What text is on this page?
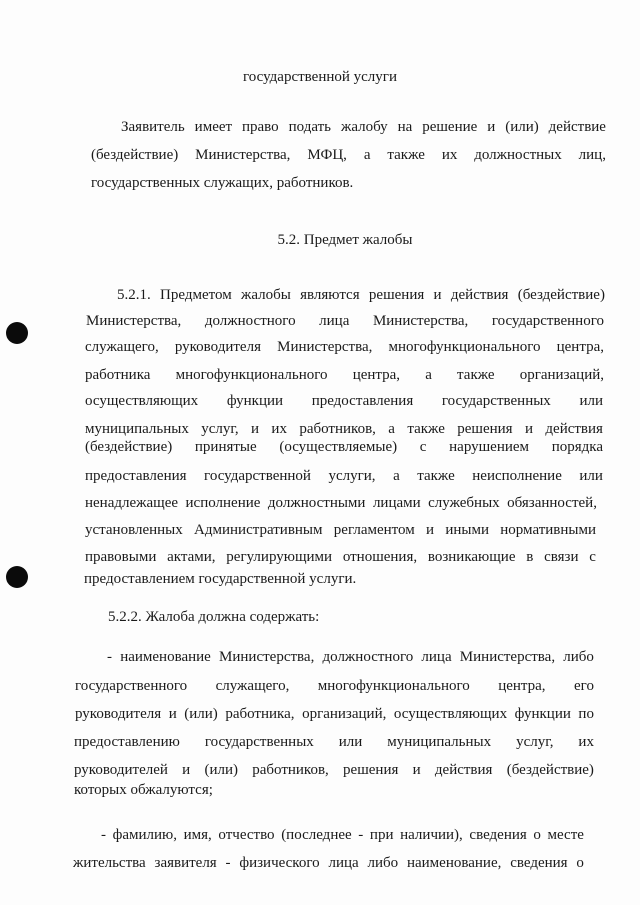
государственной услуги
Заявитель имеет право подать жалобу на решение и (или) действие
(бездействие) Министерства, МФЦ, а также их должностных лиц,
государственных служащих, работников.
5.2. Предмет жалобы
5.2.1. Предметом жалобы являются решения и действия (бездействие)
Министерства, должностного лица Министерства, государственного
служащего, руководителя Министерства, многофункционального центра,
работника многофункционального центра, а также организаций,
осуществляющих функции предоставления государственных или
муниципальных услуг, и их работников, а также решения и действия
(бездействие) принятые (осуществляемые) с нарушением порядка
предоставления государственной услуги, а также неисполнение или
ненадлежащее исполнение должностными лицами служебных обязанностей,
установленных Административным регламентом и иными нормативными
правовыми актами, регулирующими отношения, возникающие в связи с
предоставлением государственной услуги.
5.2.2. Жалоба должна содержать:
- наименование Министерства, должностного лица Министерства, либо
государственного служащего, многофункционального центра, его
руководителя и (или) работника, организаций, осуществляющих функции по
предоставлению государственных или муниципальных услуг, их
руководителей и (или) работников, решения и действия (бездействие)
которых обжалуются;
- фамилию, имя, отчество (последнее - при наличии), сведения о месте
жительства заявителя - физического лица либо наименование, сведения о
